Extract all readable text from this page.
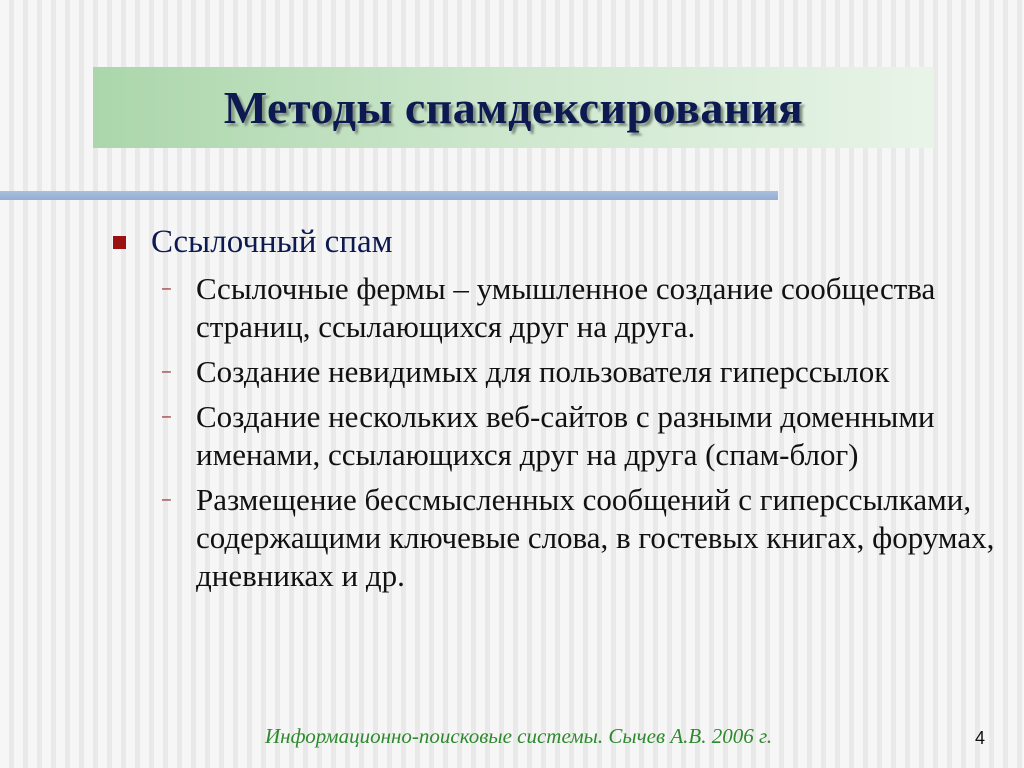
Методы спамдексирования
Ссылочный спам
– Ссылочные фермы – умышленное создание сообщества страниц, ссылающихся друг на друга.
– Создание невидимых для пользователя гиперссылок
– Создание нескольких веб-сайтов с разными доменными именами, ссылающихся друг на друга (спам-блог)
– Размещение бессмысленных сообщений с гиперссылками, содержащими ключевые слова, в гостевых книгах, форумах, дневниках и др.
Информационно-поисковые системы. Сычев А.В. 2006 г.	4
